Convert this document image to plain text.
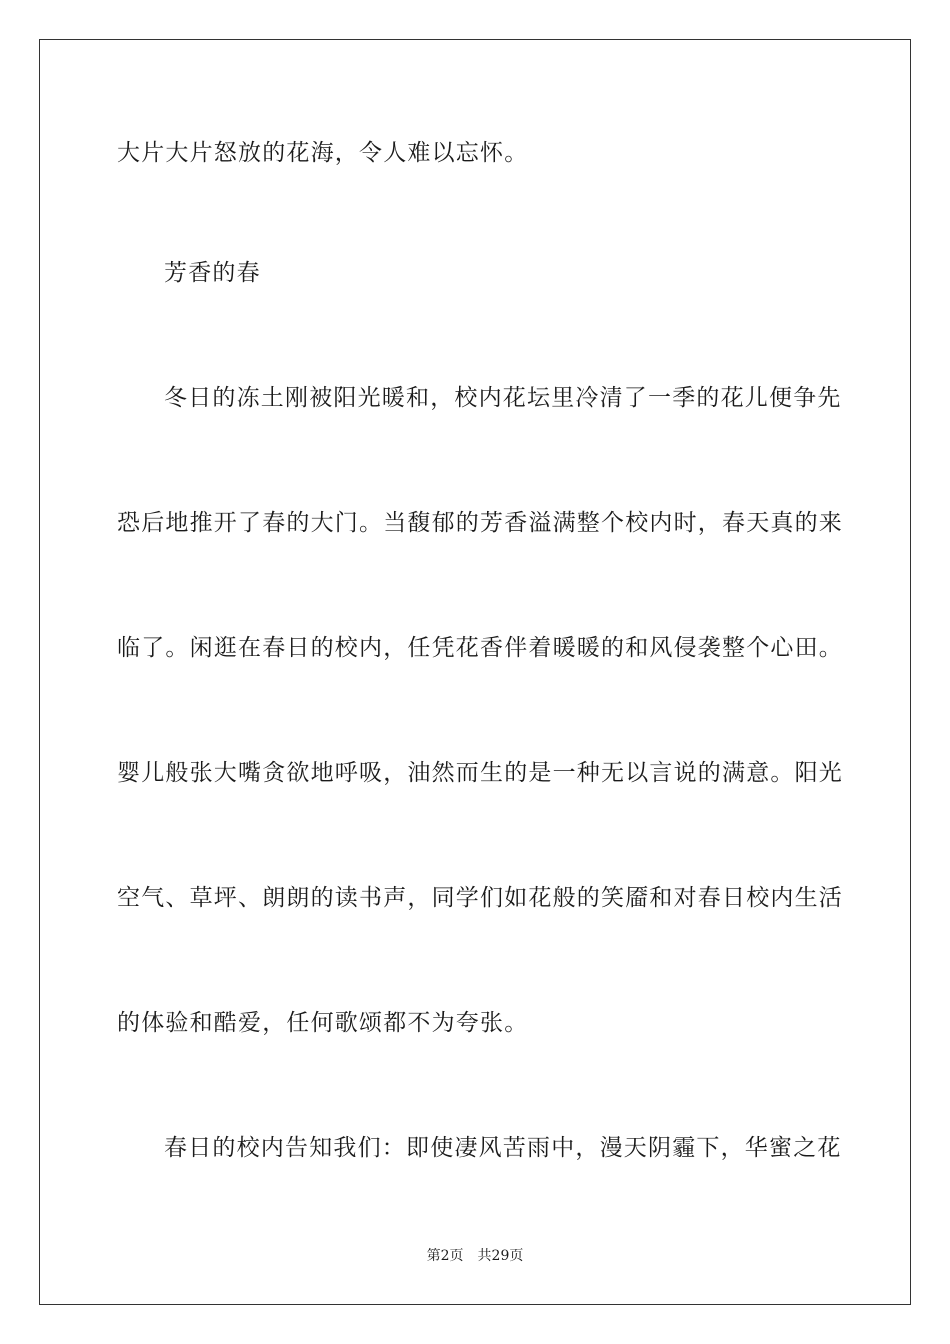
大片大片怒放的花海，令人难以忘怀。
芳香的春
冬日的冻土刚被阳光暖和，校内花坛里冷清了一季的花儿便争先
恐后地推开了春的大门。当馥郁的芳香溢满整个校内时，春天真的来
临了。闲逛在春日的校内，任凭花香伴着暖暖的和风侵袭整个心田。
婴儿般张大嘴贪欲地呼吸，油然而生的是一种无以言说的满意。阳光
空气、草坪、朗朗的读书声，同学们如花般的笑靥和对春日校内生活
的体验和酷爱，任何歌颂都不为夸张。
春日的校内告知我们：即使凄风苦雨中，漫天阴霾下，华蜜之花
第2页 共29页
